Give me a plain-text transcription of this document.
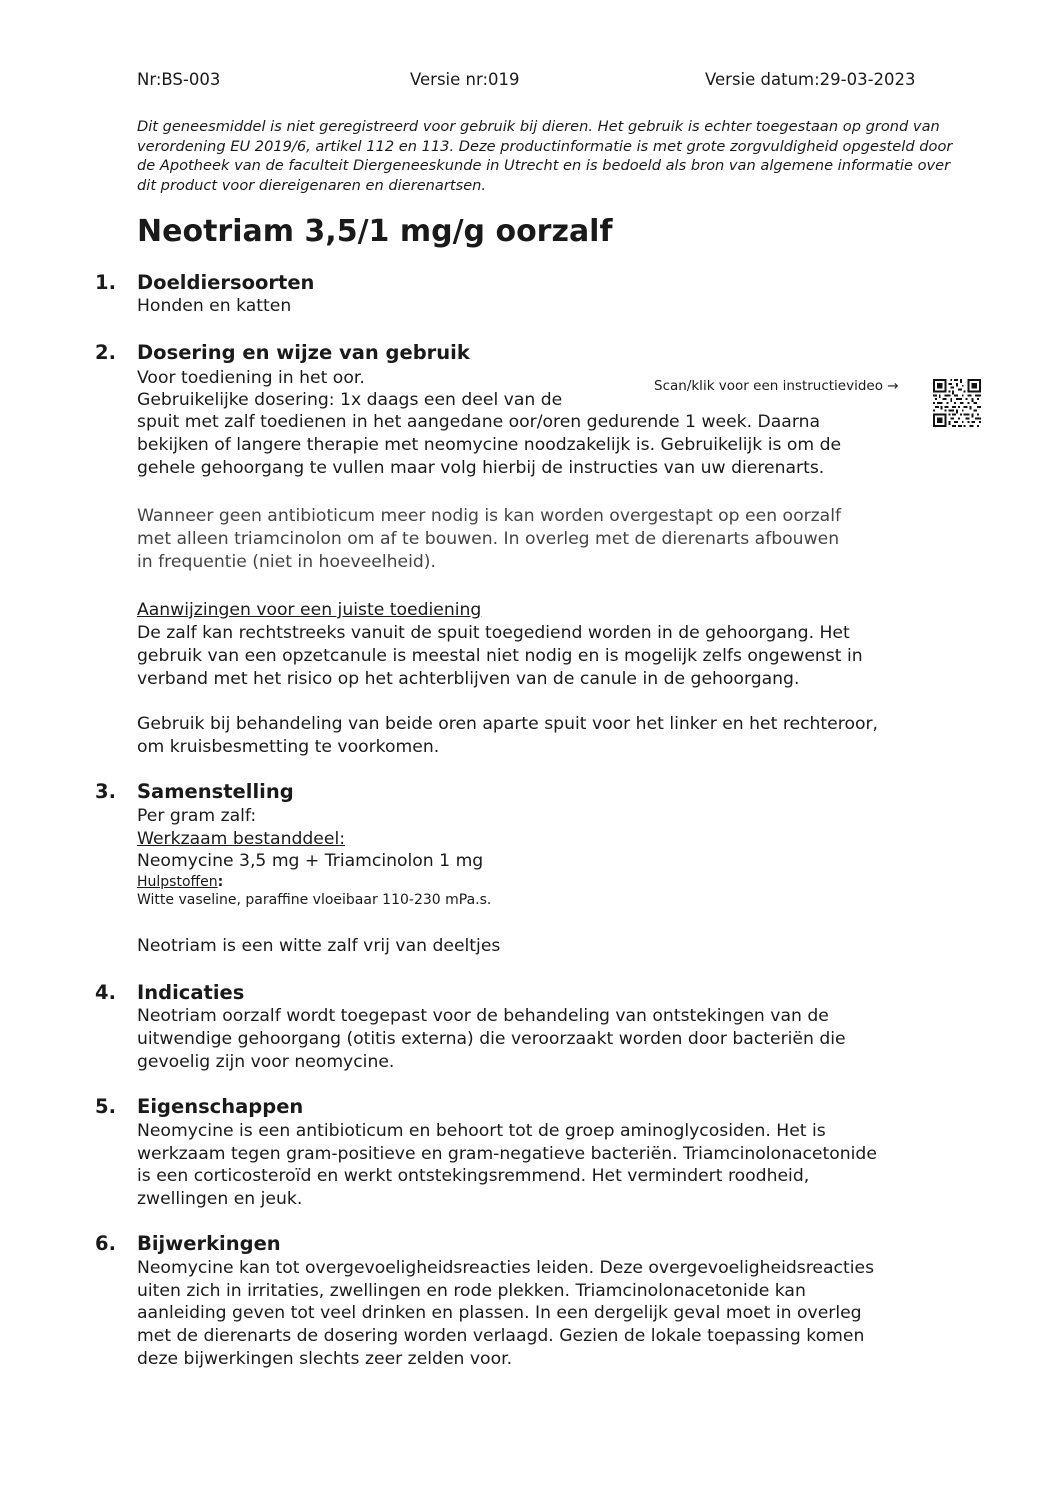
Nr:BS-003	Versie nr:019	Versie datum:29-03-2023

Dit geneesmiddel is niet geregistreerd voor gebruik bij dieren. Het gebruik is echter toegestaan op grond van verordening EU 2019/6, artikel 112 en 113. Deze productinformatie is met grote zorgvuldigheid opgesteld door de Apotheek van de faculteit Diergeneeskunde in Utrecht en is bedoeld als bron van algemene informatie over dit product voor diereigenaren en dierenartsen.

Neotriam 3,5/1 mg/g oorzalf
1. Doeldiersoorten

Honden en katten

2. Dosering en wijze van gebruik

Voor toediening in het oor.

Gebruikelijke dosering: 1x daags een deel van de

spuit met zalf toedienen in het aangedane oor/oren gedurende 1 week. Daarna

bekijken of langere therapie met neomycine noodzakelijk is. Gebruikelijk is om de

gehele gehoorgang te vullen maar volg hierbij de instructies van uw dierenarts.

Scan/klik voor een instructievideo →

Wanneer geen antibioticum meer nodig is kan worden overgestapt op een oorzalf

met alleen triamcinolon om af te bouwen. In overleg met de dierenarts afbouwen

in frequentie (niet in hoeveelheid).

Aanwijzingen voor een juiste toediening

De zalf kan rechtstreeks vanuit de spuit toegediend worden in de gehoorgang. Het

gebruik van een opzetcanule is meestal niet nodig en is mogelijk zelfs ongewenst in

verband met het risico op het achterblijven van de canule in de gehoorgang.

Gebruik bij behandeling van beide oren aparte spuit voor het linker en het rechteroor,

om kruisbesmetting te voorkomen.

3. Samenstelling

Per gram zalf:

Werkzaam bestanddeel:

Neomycine 3,5 mg + Triamcinolon 1 mg

Hulpstoffen:

Witte vaseline, paraffine vloeibaar 110-230 mPa.s.

Neotriam is een witte zalf vrij van deeltjes

4. Indicaties

Neotriam oorzalf wordt toegepast voor de behandeling van ontstekingen van de

uitwendige gehoorgang (otitis externa) die veroorzaakt worden door bacteriën die

gevoelig zijn voor neomycine.

5. Eigenschappen

Neomycine is een antibioticum en behoort tot de groep aminoglycosiden. Het is

werkzaam tegen gram-positieve en gram-negatieve bacteriën. Triamcinolonacetonide

is een corticosteroïd en werkt ontstekingsremmend. Het vermindert roodheid,

zwellingen en jeuk.

6. Bijwerkingen

Neomycine kan tot overgevoeligheidsreacties leiden. Deze overgevoeligheidsreacties

uiten zich in irritaties, zwellingen en rode plekken. Triamcinolonacetonide kan

aanleiding geven tot veel drinken en plassen. In een dergelijk geval moet in overleg

met de dierenarts de dosering worden verlaagd. Gezien de lokale toepassing komen

deze bijwerkingen slechts zeer zelden voor.
